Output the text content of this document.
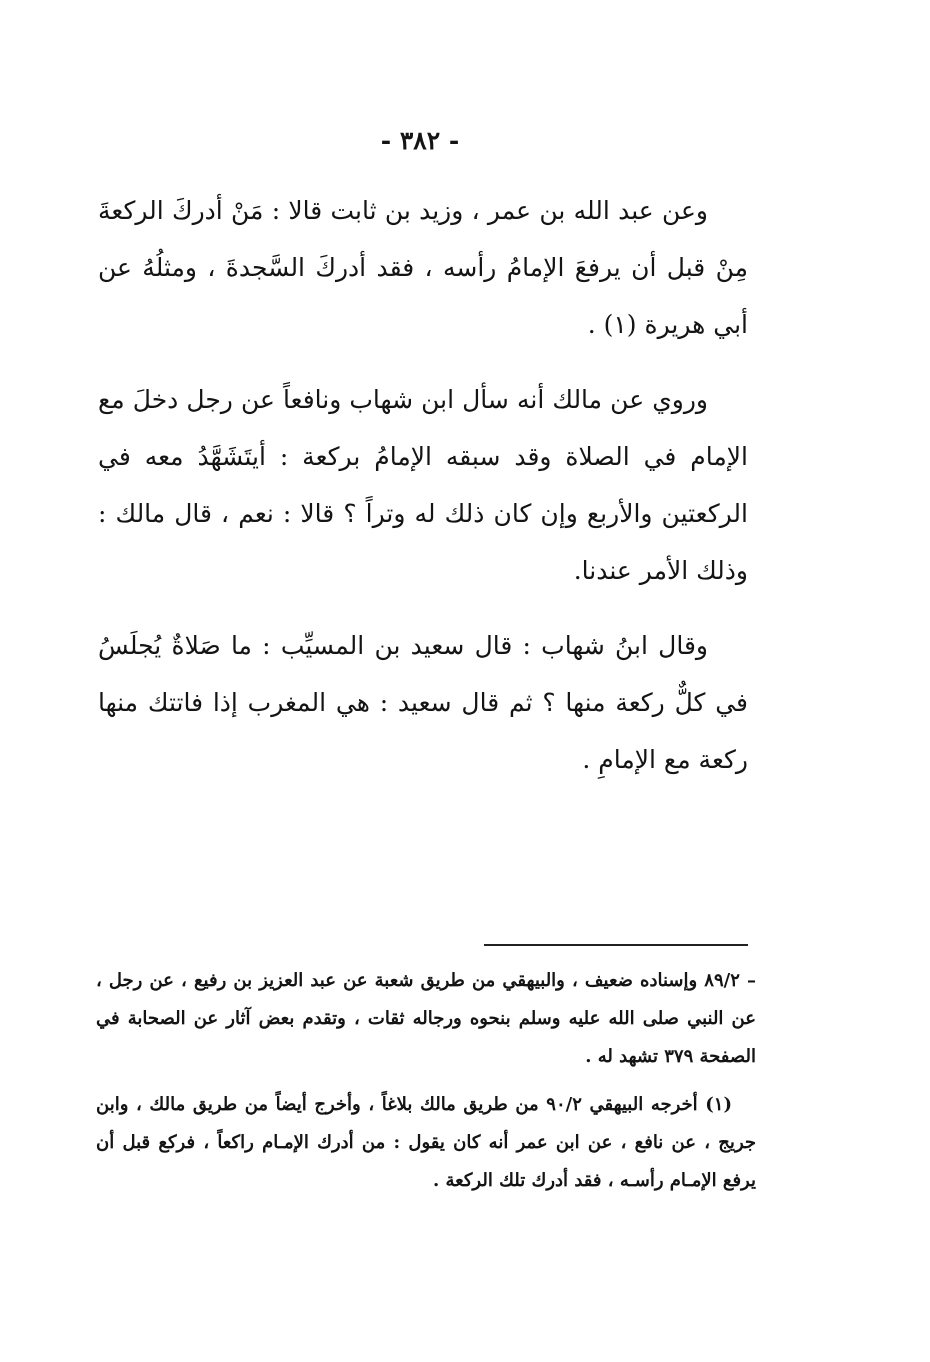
- ٣٨٢ -

وعن عبد الله بن عمر ، وزيد بن ثابت قالا : مَنْ أدركَ الركعةَ مِنْ قبل أن يرفعَ الإمامُ رأسه ، فقد أدركَ السَّجدةَ ، ومثلُهُ عن أبي هريرة (١) .

وروي عن مالك أنه سأل ابن شهاب ونافعاً عن رجل دخلَ مع الإمام في الصلاة وقد سبقه الإمامُ بركعة : أيتَشَهَّدُ معه في الركعتين والأربع وإن كان ذلك له وتراً ؟ قالا : نعم ، قال مالك : وذلك الأمر عندنا.

وقال ابنُ شهاب : قال سعيد بن المسيِّب : ما صَلاةٌ يُجلَسُ في كلٌّ ركعة منها ؟ ثم قال سعيد : هي المغرب إذا فاتتك منها ركعة مع الإمامِ .

– ٨٩/٢ وإسناده ضعيف ، والبيهقي من طريق شعبة عن عبد العزيز بن رفيع ، عن رجل ، عن النبي صلى الله عليه وسلم بنحوه ورجاله ثقات ، وتقدم بعض آثار عن الصحابة في الصفحة ٣٧٩ تشهد له .

(١) أخرجه البيهقي ٩٠/٢ من طريق مالك بلاغاً ، وأخرج أيضاً من طريق مالك ، وابن جريج ، عن نافع ، عن ابن عمر أنه كان يقول : من أدرك الإمـام راكعاً ، فركع قبل أن يرفع الإمـام رأسـه ، فقد أدرك تلك الركعة .
